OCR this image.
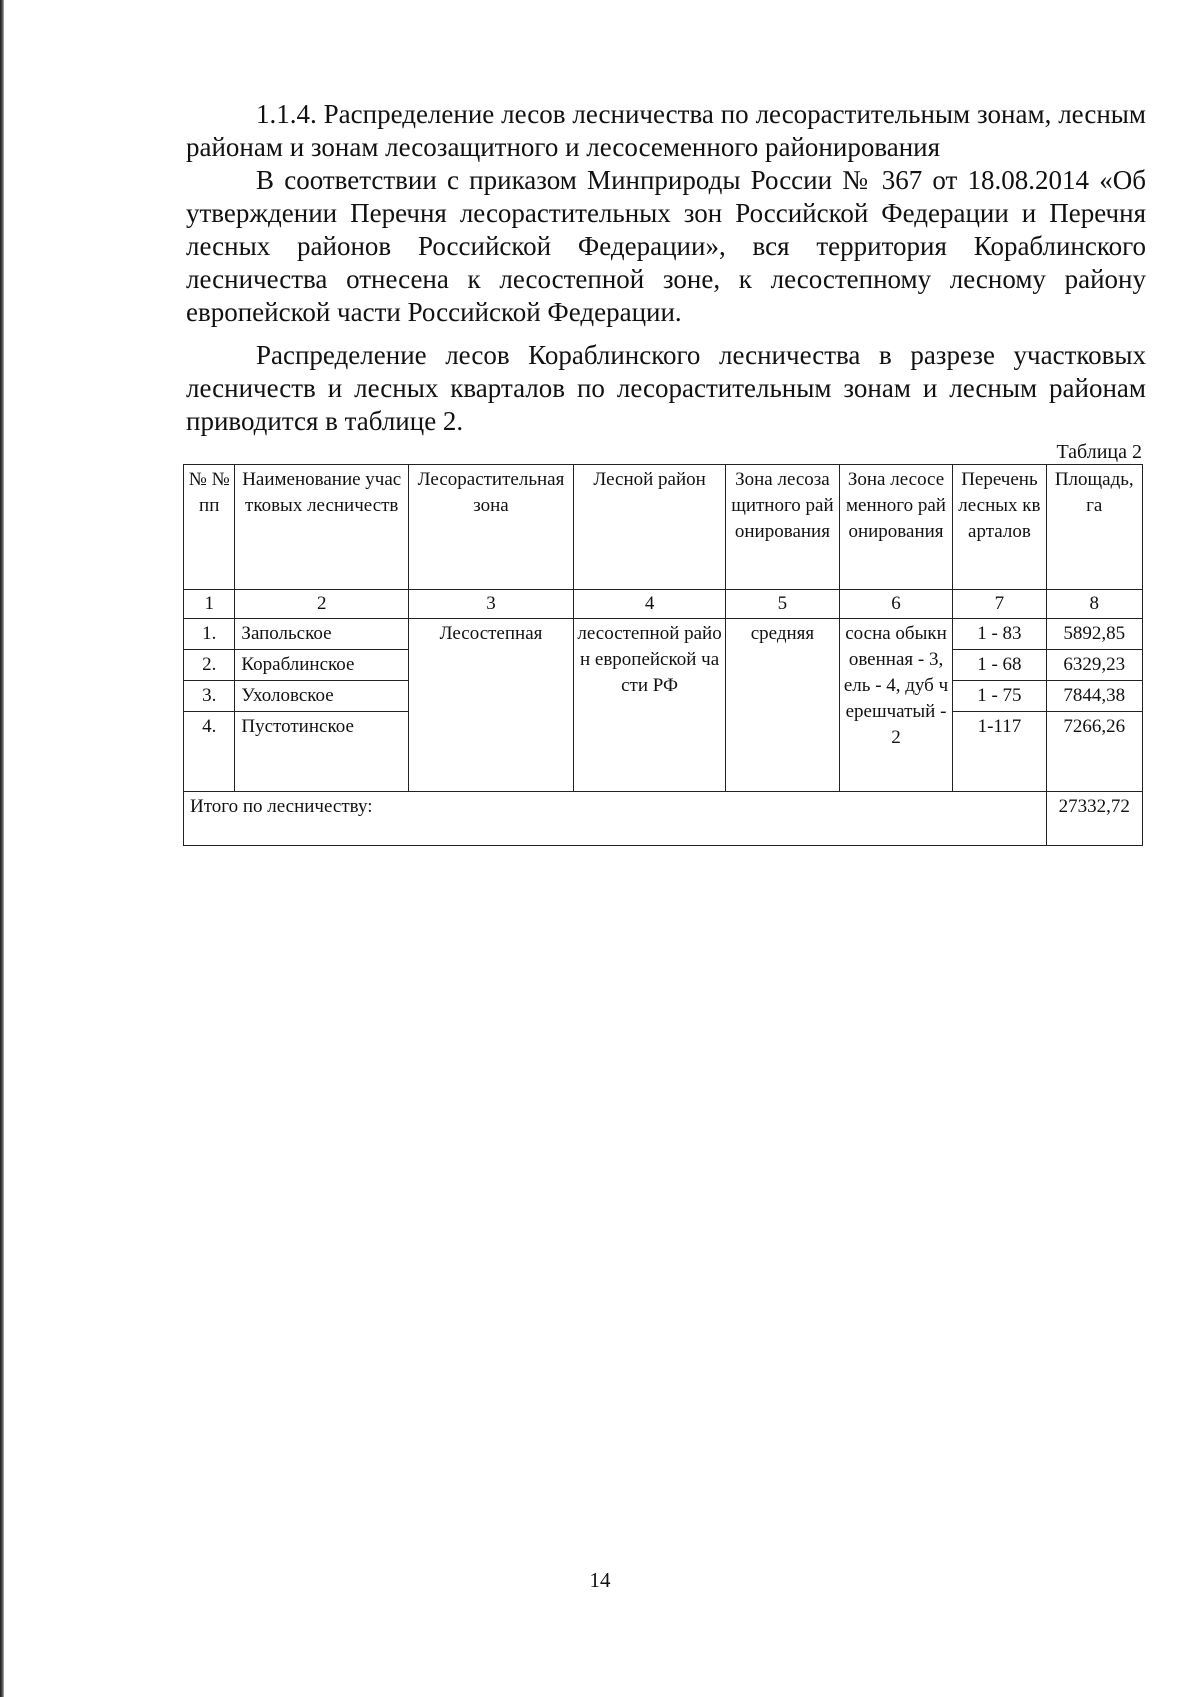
1.1.4. Распределение лесов лесничества по лесорастительным зонам, лесным районам и зонам лесозащитного и лесосеменного районирования

В соответствии с приказом Минприроды России № 367 от 18.08.2014 «Об утверждении Перечня лесорастительных зон Российской Федерации и Перечня лесных районов Российской Федерации», вся территория Кораблинского лесничества отнесена к лесостепной зоне, к лесостепному лесному району европейской части Российской Федерации.

Распределение лесов Кораблинского лесничества в разрезе участковых лесничеств и лесных кварталов по лесорастительным зонам и лесным районам приводится в таблице 2.

Таблица 2
№ № пп	Наименование участковых лесничеств	Лесорастительная зона	Лесной район	Зона лесозащитного районирования	Зона лесосеменного районирования	Перечень лесных кварталов	Площадь, га
1	2	3	4	5	6	7	8
1.	Запольское	Лесостепная	лесостепной район европейской части РФ	средняя	сосна обыкновенная - 3, ель - 4, дуб черешчатый - 2	1 - 83	5892,85
2.	Кораблинское					1 - 68	6329,23
3.	Ухоловское					1 - 75	7844,38
4.	Пустотинское					1-117	7266,26
Итого по лесничеству:							27332,72
14
